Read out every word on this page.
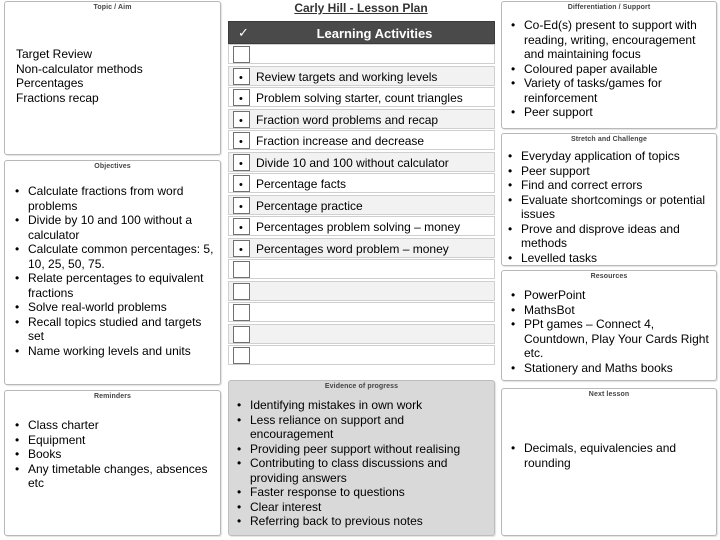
Carly Hill - Lesson Plan
Topic / Aim
Target Review
Non-calculator methods
Percentages
Fractions recap
Objectives
• Calculate fractions from word problems
• Divide by 10 and 100 without a calculator
• Calculate common percentages: 5, 10, 25, 50, 75.
• Relate percentages to equivalent fractions
• Solve real-world problems
• Recall topics studied and targets set
• Name working levels and units
Reminders
• Class charter
• Equipment
• Books
• Any timetable changes, absences etc
✓	Learning Activities
• Review targets and working levels
• Problem solving starter, count triangles
• Fraction word problems and recap
• Fraction increase and decrease
• Divide 10 and 100 without calculator
• Percentage facts
• Percentage practice
• Percentages problem solving – money
• Percentages word problem – money
Evidence of progress
• Identifying mistakes in own work
• Less reliance on support and encouragement
• Providing peer support without realising
• Contributing to class discussions and providing answers
• Faster response to questions
• Clear interest
• Referring back to previous notes
Differentiation / Support
• Co-Ed(s) present to support with reading, writing, encouragement and maintaining focus
• Coloured paper available
• Variety of tasks/games for reinforcement
• Peer support
Stretch and Challenge
• Everyday application of topics
• Peer support
• Find and correct errors
• Evaluate shortcomings or potential issues
• Prove and disprove ideas and methods
• Levelled tasks
Resources
• PowerPoint
• MathsBot
• PPt games – Connect 4, Countdown, Play Your Cards Right etc.
• Stationery and Maths books
Next lesson
• Decimals, equivalencies and rounding
